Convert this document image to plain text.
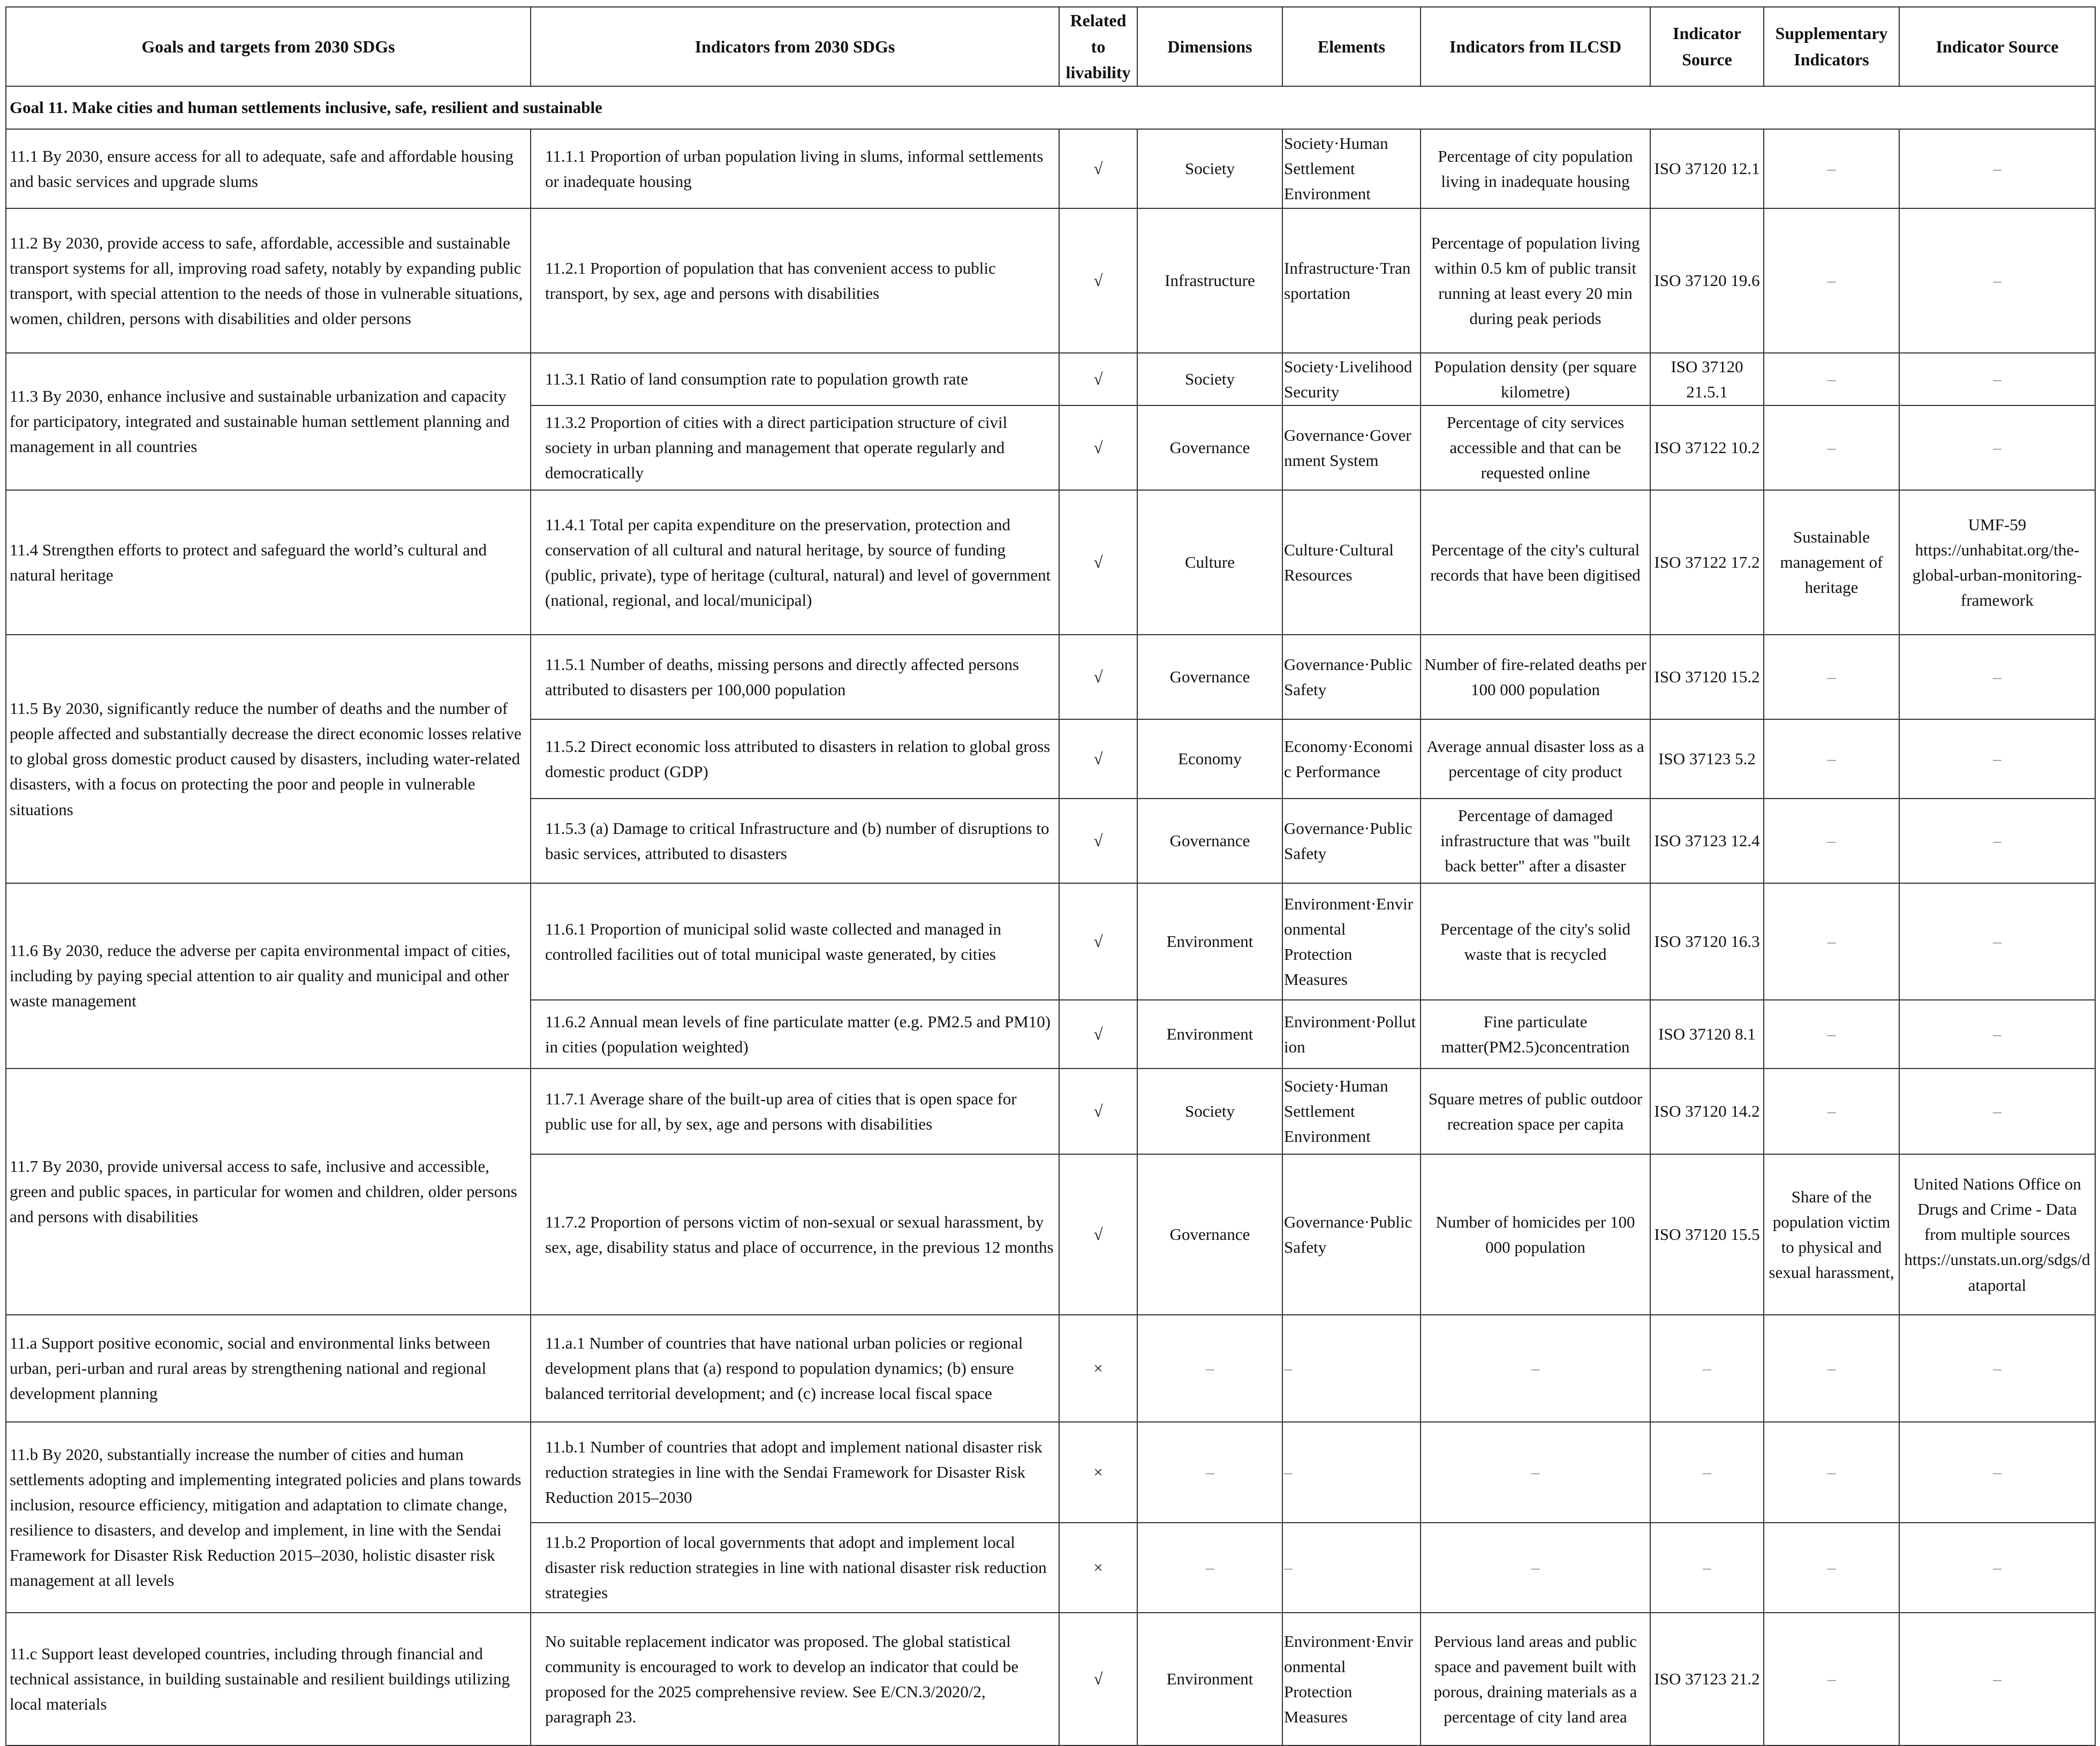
Goals and targets from 2030 SDGs	Indicators from 2030 SDGs	Related to livability	Dimensions	Elements	Indicators from ILCSD	Indicator Source	Supplementary Indicators	Indicator Source
Goal 11. Make cities and human settlements inclusive, safe, resilient and sustainable								
11.1 By 2030, ensure access for all to adequate, safe and affordable housing and basic services and upgrade slums	11.1.1 Proportion of urban population living in slums, informal settlements or inadequate housing	√	Society	Society·Human Settlement Environment	Percentage of city population living in inadequate housing	ISO 37120 12.1	–	–
11.2 By 2030, provide access to safe, affordable, accessible and sustainable transport systems for all, improving road safety, notably by expanding public transport, with special attention to the needs of those in vulnerable situations, women, children, persons with disabilities and older persons	11.2.1 Proportion of population that has convenient access to public transport, by sex, age and persons with disabilities	√	Infrastructure	Infrastructure·Transportation	Percentage of population living within 0.5 km of public transit running at least every 20 min during peak periods	ISO 37120 19.6	–	–
11.3 By 2030, enhance inclusive and sustainable urbanization and capacity for participatory, integrated and sustainable human settlement planning and management in all countries	11.3.1 Ratio of land consumption rate to population growth rate	√	Society	Society·Livelihood Security	Population density (per square kilometre)	ISO 37120 21.5.1	–	–
	11.3.2 Proportion of cities with a direct participation structure of civil society in urban planning and management that operate regularly and democratically	√	Governance	Governance·Government System	Percentage of city services accessible and that can be requested online	ISO 37122 10.2	–	–
11.4 Strengthen efforts to protect and safeguard the world’s cultural and natural heritage	11.4.1 Total per capita expenditure on the preservation, protection and conservation of all cultural and natural heritage, by source of funding (public, private), type of heritage (cultural, natural) and level of government (national, regional, and local/municipal)	√	Culture	Culture·Cultural Resources	Percentage of the city's cultural records that have been digitised	ISO 37122 17.2	Sustainable management of heritage	UMF-59 https://unhabitat.org/the-global-urban-monitoring-framework
11.5 By 2030, significantly reduce the number of deaths and the number of people affected and substantially decrease the direct economic losses relative to global gross domestic product caused by disasters, including water-related disasters, with a focus on protecting the poor and people in vulnerable situations	11.5.1 Number of deaths, missing persons and directly affected persons attributed to disasters per 100,000 population	√	Governance	Governance·Public Safety	Number of fire-related deaths per 100 000 population	ISO 37120 15.2	–	–
	11.5.2 Direct economic loss attributed to disasters in relation to global gross domestic product (GDP)	√	Economy	Economy·Economic Performance	Average annual disaster loss as a percentage of city product	ISO 37123 5.2	–	–
	11.5.3 (a) Damage to critical Infrastructure and (b) number of disruptions to basic services, attributed to disasters	√	Governance	Governance·Public Safety	Percentage of damaged infrastructure that was "built back better" after a disaster	ISO 37123 12.4	–	–
11.6 By 2030, reduce the adverse per capita environmental impact of cities, including by paying special attention to air quality and municipal and other waste management	11.6.1 Proportion of municipal solid waste collected and managed in controlled facilities out of total municipal waste generated, by cities	√	Environment	Environment·Environmental Protection Measures	Percentage of the city's solid waste that is recycled	ISO 37120 16.3	–	–
	11.6.2 Annual mean levels of fine particulate matter (e.g. PM2.5 and PM10) in cities (population weighted)	√	Environment	Environment·Pollution	Fine particulate matter(PM2.5)concentration	ISO 37120 8.1	–	–
11.7 By 2030, provide universal access to safe, inclusive and accessible, green and public spaces, in particular for women and children, older persons and persons with disabilities	11.7.1 Average share of the built-up area of cities that is open space for public use for all, by sex, age and persons with disabilities	√	Society	Society·Human Settlement Environment	Square metres of public outdoor recreation space per capita	ISO 37120 14.2	–	–
	11.7.2 Proportion of persons victim of non-sexual or sexual harassment, by sex, age, disability status and place of occurrence, in the previous 12 months	√	Governance	Governance·Public Safety	Number of homicides per 100 000 population	ISO 37120 15.5	Share of the population victim to physical and sexual harassment,	United Nations Office on Drugs and Crime - Data from multiple sources https://unstats.un.org/sdgs/dataportal
11.a Support positive economic, social and environmental links between urban, peri-urban and rural areas by strengthening national and regional development planning	11.a.1 Number of countries that have national urban policies or regional development plans that (a) respond to population dynamics; (b) ensure balanced territorial development; and (c) increase local fiscal space	×	–	–	–	–	–	–
11.b By 2020, substantially increase the number of cities and human settlements adopting and implementing integrated policies and plans towards inclusion, resource efficiency, mitigation and adaptation to climate change, resilience to disasters, and develop and implement, in line with the Sendai Framework for Disaster Risk Reduction 2015–2030, holistic disaster risk management at all levels	11.b.1 Number of countries that adopt and implement national disaster risk reduction strategies in line with the Sendai Framework for Disaster Risk Reduction 2015–2030	×	–	–	–	–	–	–
	11.b.2 Proportion of local governments that adopt and implement local disaster risk reduction strategies in line with national disaster risk reduction strategies	×	–	–	–	–	–	–
11.c Support least developed countries, including through financial and technical assistance, in building sustainable and resilient buildings utilizing local materials	No suitable replacement indicator was proposed. The global statistical community is encouraged to work to develop an indicator that could be proposed for the 2025 comprehensive review. See E/CN.3/2020/2, paragraph 23.	√	Environment	Environment·Environmental Protection Measures	Pervious land areas and public space and pavement built with porous, draining materials as a percentage of city land area	ISO 37123 21.2	–	–
